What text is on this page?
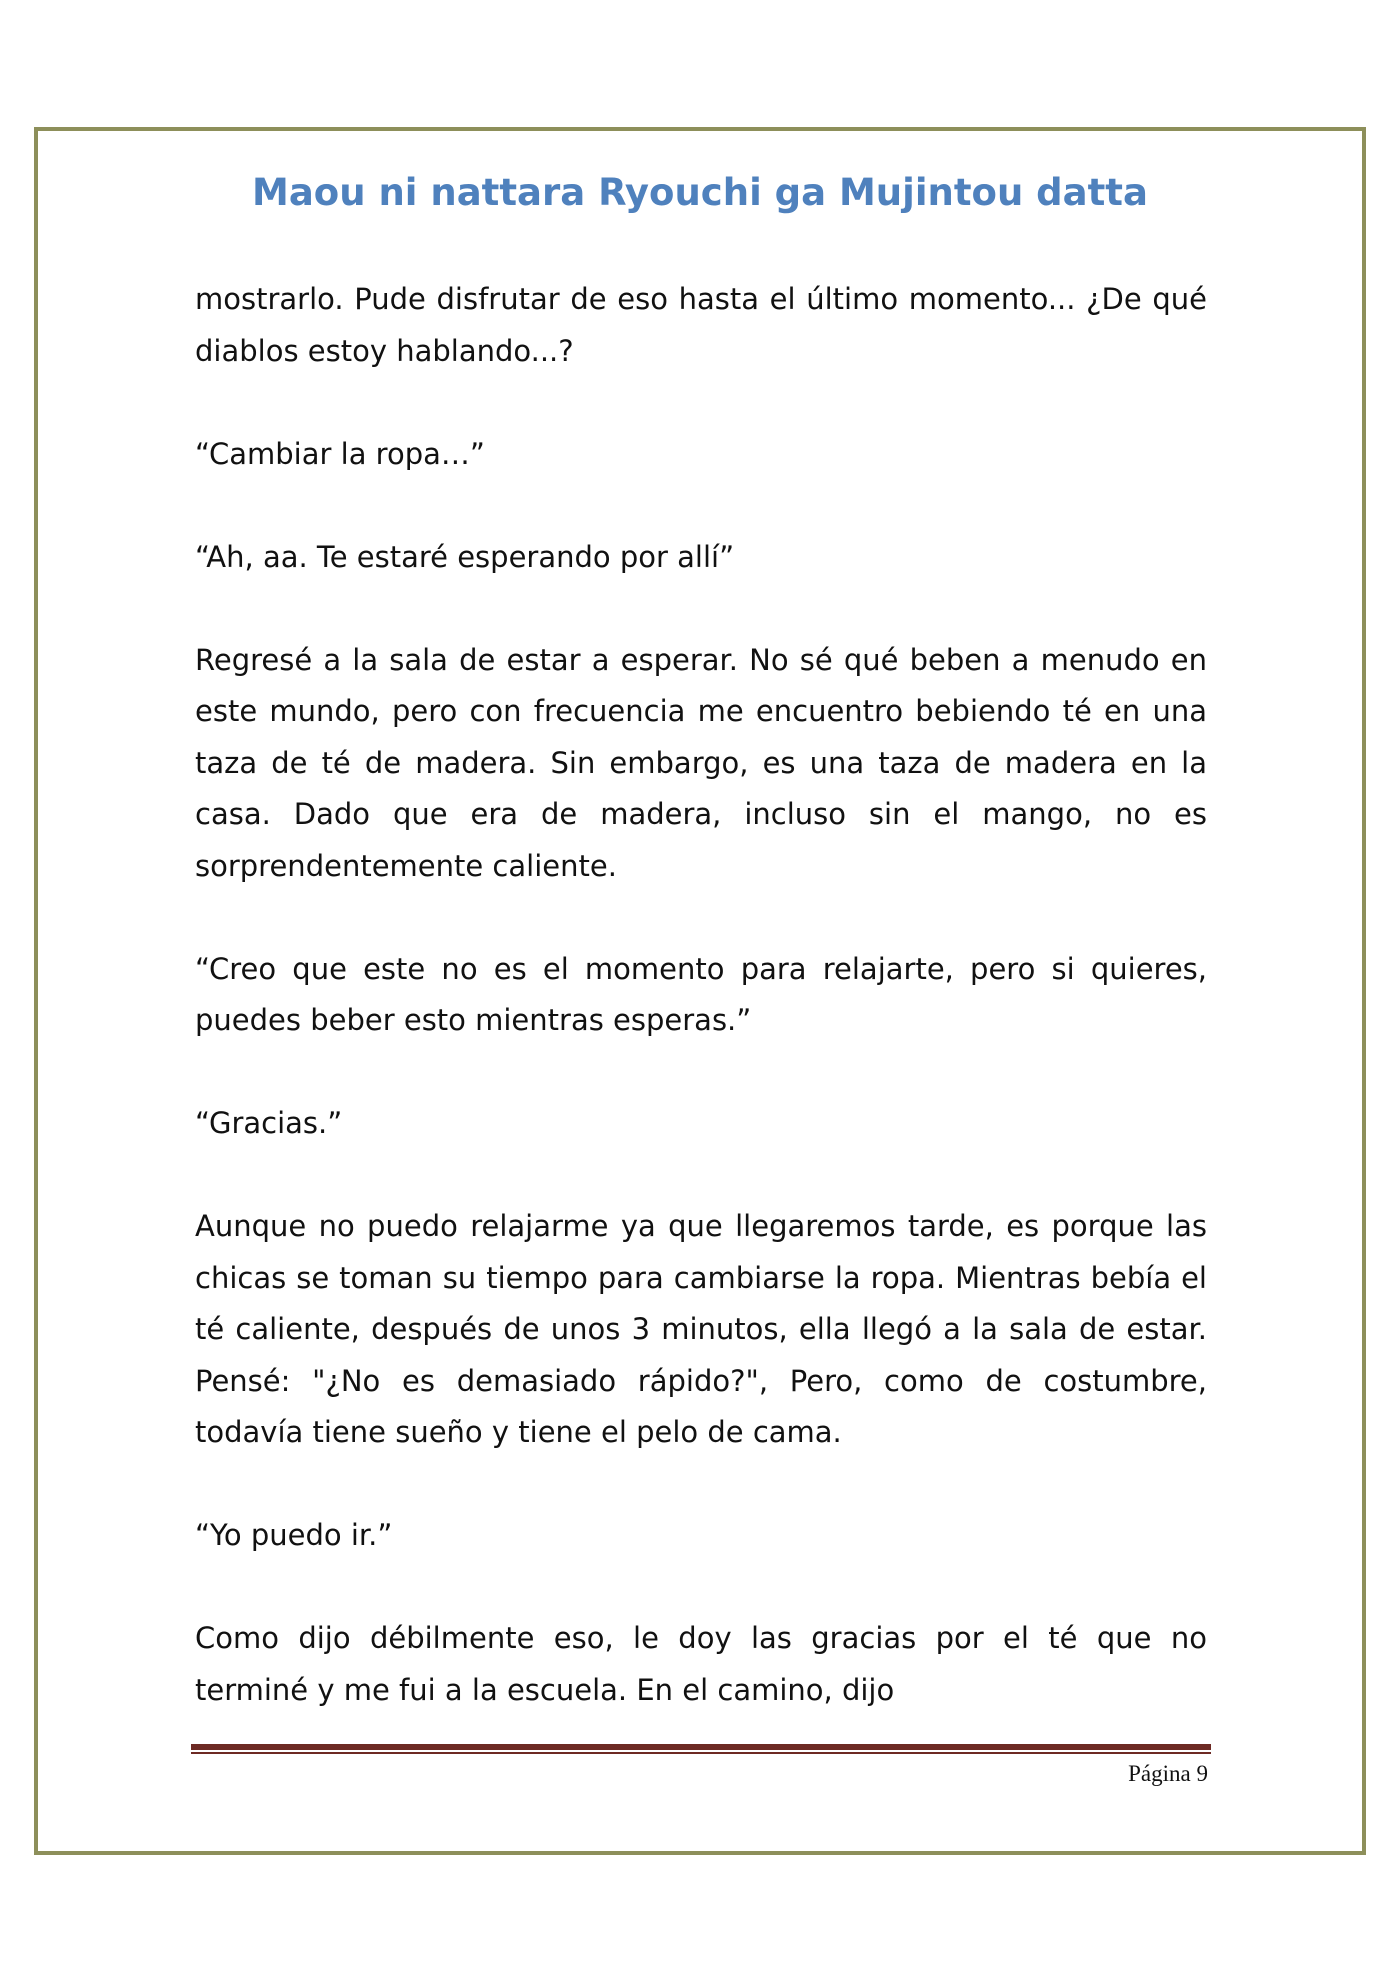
Maou ni nattara Ryouchi ga Mujintou datta

mostrarlo. Pude disfrutar de eso hasta el último momento... ¿De qué diablos estoy hablando...?

“Cambiar la ropa…”

“Ah, aa. Te estaré esperando por allí”

Regresé a la sala de estar a esperar. No sé qué beben a menudo en este mundo, pero con frecuencia me encuentro bebiendo té en una taza de té de madera. Sin embargo, es una taza de madera en la casa. Dado que era de madera, incluso sin el mango, no es sorprendentemente caliente.

“Creo que este no es el momento para relajarte, pero si quieres, puedes beber esto mientras esperas.”

“Gracias.”

Aunque no puedo relajarme ya que llegaremos tarde, es porque las chicas se toman su tiempo para cambiarse la ropa. Mientras bebía el té caliente, después de unos 3 minutos, ella llegó a la sala de estar. Pensé: "¿No es demasiado rápido?", Pero, como de costumbre, todavía tiene sueño y tiene el pelo de cama.

“Yo puedo ir.”

Como dijo débilmente eso, le doy las gracias por el té que no terminé y me fui a la escuela. En el camino, dijo

Página 9
